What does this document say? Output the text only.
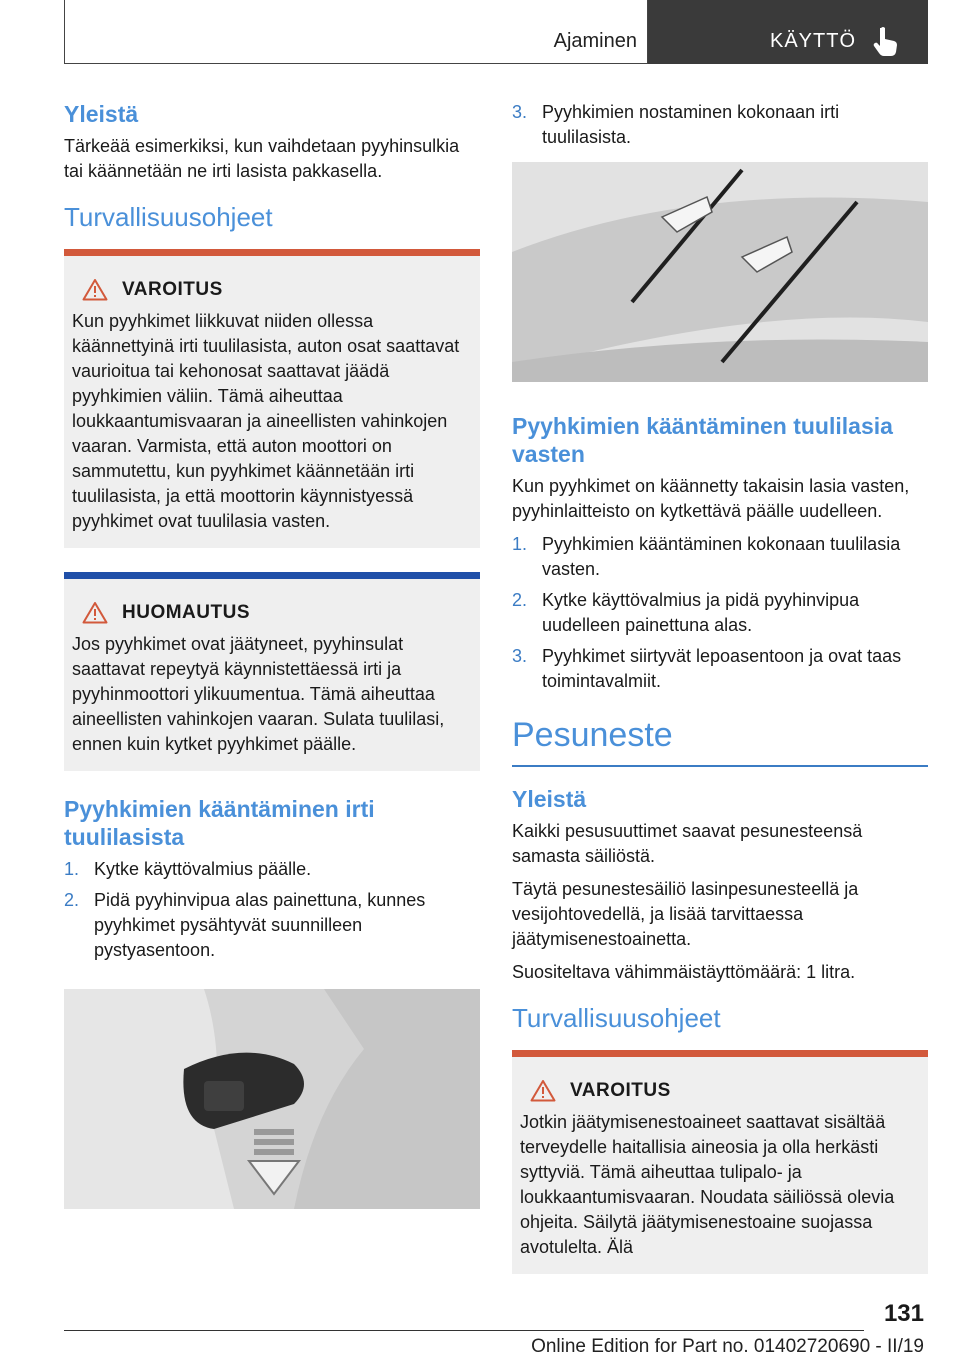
Ajaminen	KÄYTTÖ
Yleistä

Tärkeää esimerkiksi, kun vaihdetaan pyyhinsulkia tai käännetään ne irti lasista pakkasella.

Turvallisuusohjeet
VAROITUS

Kun pyyhkimet liikkuvat niiden ollessa käännettyinä irti tuulilasista, auton osat saattavat vaurioitua tai kehonosat saattavat jäädä pyyhkimien väliin. Tämä aiheuttaa loukkaantumisvaaran ja aineellisten vahinkojen vaaran. Varmista, että auton moottori on sammutettu, kun pyyhkimet käännetään irti tuulilasista, ja että moottorin käynnistyessä pyyhkimet ovat tuulilasia vasten.

HUOMAUTUS

Jos pyyhkimet ovat jäätyneet, pyyhinsulat saattavat repeytyä käynnistettäessä irti ja pyyhinmoottori ylikuumentua. Tämä aiheuttaa aineellisten vahinkojen vaaran. Sulata tuulilasi, ennen kuin kytket pyyhkimet päälle.

Pyyhkimien kääntäminen irti tuulilasista
1. Kytke käyttövalmius päälle.
2. Pidä pyyhinvipua alas painettuna, kunnes pyyhkimet pysähtyvät suunnilleen pystyasentoon.
3. Pyyhkimien nostaminen kokonaan irti tuulilasista.
Pyyhkimien kääntäminen tuulilasia vasten

Kun pyyhkimet on käännetty takaisin lasia vasten, pyyhinlaitteisto on kytkettävä päälle uudelleen.

1. Pyyhkimien kääntäminen kokonaan tuulilasia vasten.
2. Kytke käyttövalmius ja pidä pyyhinvipua uudelleen painettuna alas.
3. Pyyhkimet siirtyvät lepoasentoon ja ovat taas toimintavalmiit.
Pesuneste
Yleistä

Kaikki pesusuuttimet saavat pesunesteensä samasta säiliöstä.

Täytä pesunestesäiliö lasinpesunesteellä ja vesijohtovedellä, ja lisää tarvittaessa jäätymisenestoainetta.

Suositeltava vähimmäistäyttömäärä: 1 litra.

Turvallisuusohjeet
VAROITUS

Jotkin jäätymisenestoaineet saattavat sisältää terveydelle haitallisia aineosia ja olla herkästi syttyviä. Tämä aiheuttaa tulipalo- ja loukkaantumisvaaran. Noudata säiliössä olevia ohjeita. Säilytä jäätymisenestoaine suojassa avotulelta. Älä

131
Online Edition for Part no. 01402720690 - II/19
